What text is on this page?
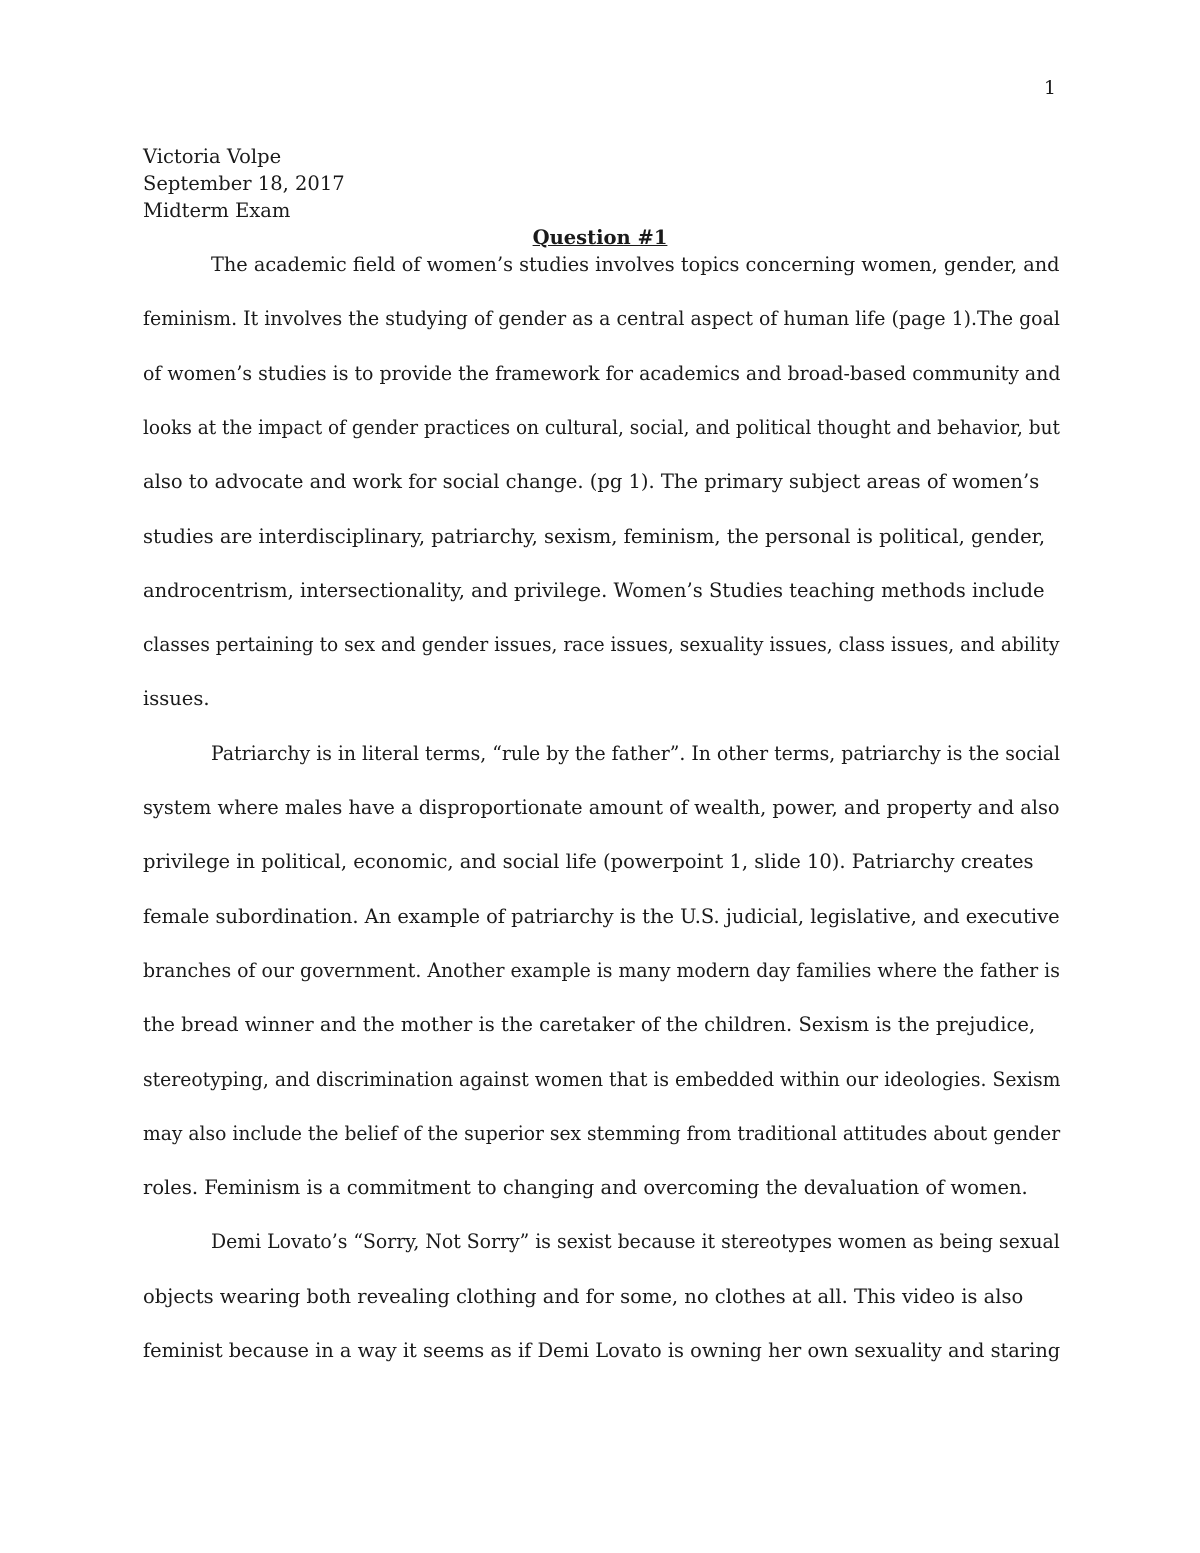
1
Victoria Volpe
September 18, 2017
Midterm Exam
Question #1
The academic field of women’s studies involves topics concerning women, gender, and
feminism. It involves the studying of gender as a central aspect of human life (page 1).The goal
of women’s studies is to provide the framework for academics and broad-based community and
looks at the impact of gender practices on cultural, social, and political thought and behavior, but
also to advocate and work for social change. (pg 1). The primary subject areas of women’s
studies are interdisciplinary, patriarchy, sexism, feminism, the personal is political, gender,
androcentrism, intersectionality, and privilege. Women’s Studies teaching methods include
classes pertaining to sex and gender issues, race issues, sexuality issues, class issues, and ability
issues.
Patriarchy is in literal terms, “rule by the father”. In other terms, patriarchy is the social
system where males have a disproportionate amount of wealth, power, and property and also
privilege in political, economic, and social life (powerpoint 1, slide 10). Patriarchy creates
female subordination. An example of patriarchy is the U.S. judicial, legislative, and executive
branches of our government. Another example is many modern day families where the father is
the bread winner and the mother is the caretaker of the children. Sexism is the prejudice,
stereotyping, and discrimination against women that is embedded within our ideologies. Sexism
may also include the belief of the superior sex stemming from traditional attitudes about gender
roles. Feminism is a commitment to changing and overcoming the devaluation of women.
Demi Lovato’s “Sorry, Not Sorry” is sexist because it stereotypes women as being sexual
objects wearing both revealing clothing and for some, no clothes at all. This video is also
feminist because in a way it seems as if Demi Lovato is owning her own sexuality and staring
